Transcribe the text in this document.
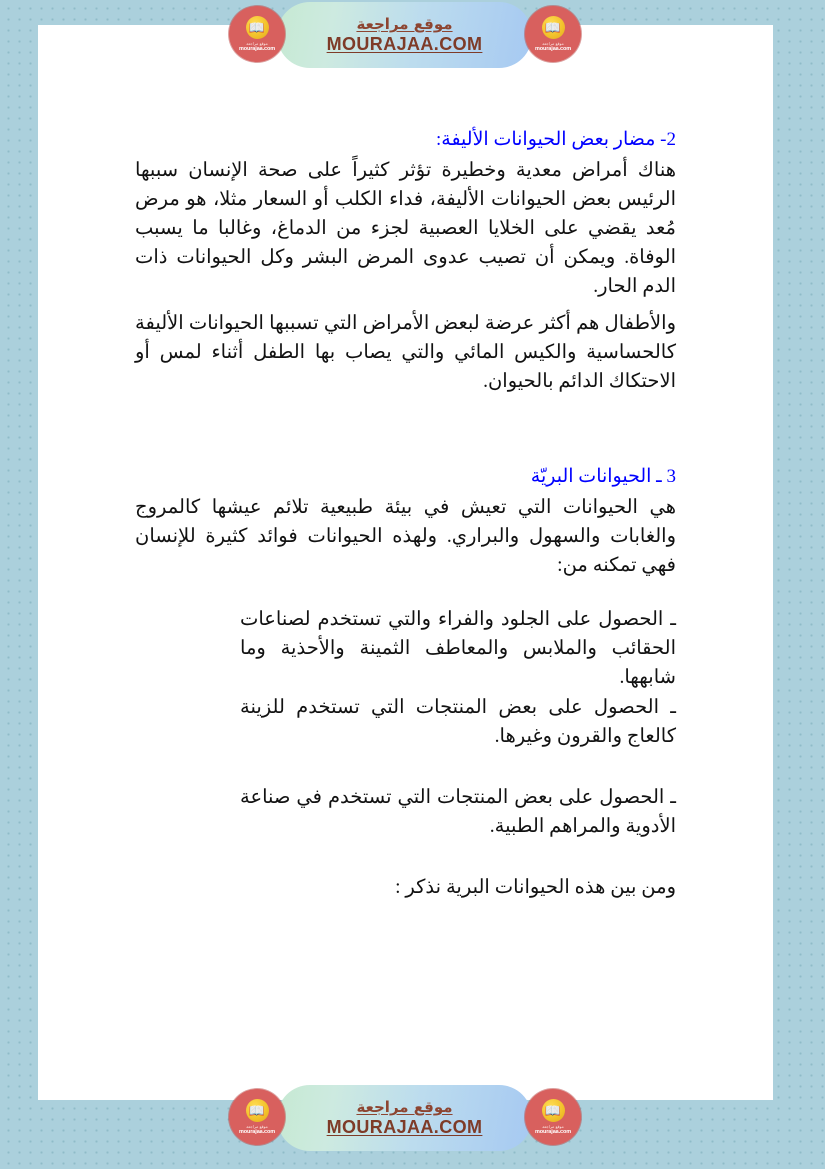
موقع مراجعة
MOURAJAA.COM
📖
موقع مراجعة
mourajaa.com
📖
موقع مراجعة
mourajaa.com
2- مضار بعض الحيوانات الأليفة:
هناك أمراض معدية وخطيرة تؤثر كثيراً على صحة الإنسان سببها الرئيس بعض الحيوانات الأليفة، فداء الكلب أو السعار مثلا، هو مرض مُعد يقضي على الخلايا العصبية لجزء من الدماغ، وغالبا ما يسبب الوفاة. ويمكن أن تصيب عدوى المرض البشر وكل الحيوانات ذات الدم الحار.
والأطفال هم أكثر عرضة لبعض الأمراض التي تسببها الحيوانات الأليفة كالحساسية والكيس المائي والتي يصاب بها الطفل أثناء لمس أو الاحتكاك الدائم بالحيوان.
3 ـ الحيوانات البريّة
هي الحيوانات التي تعيش في بيئة طبيعية تلائم عيشها كالمروج والغابات والسهول والبراري. ولهذه الحيوانات فوائد كثيرة للإنسان فهي تمكنه من:
ـ الحصول على الجلود والفراء والتي تستخدم لصناعات الحقائب والملابس والمعاطف الثمينة والأحذية وما شابهها.
ـ الحصول على بعض المنتجات التي تستخدم للزينة كالعاج والقرون وغيرها.
ـ الحصول على بعض المنتجات التي تستخدم في صناعة الأدوية والمراهم الطبية.
ومن بين هذه الحيوانات البرية نذكر :
موقع مراجعة
MOURAJAA.COM
📖
موقع مراجعة
mourajaa.com
📖
موقع مراجعة
mourajaa.com
